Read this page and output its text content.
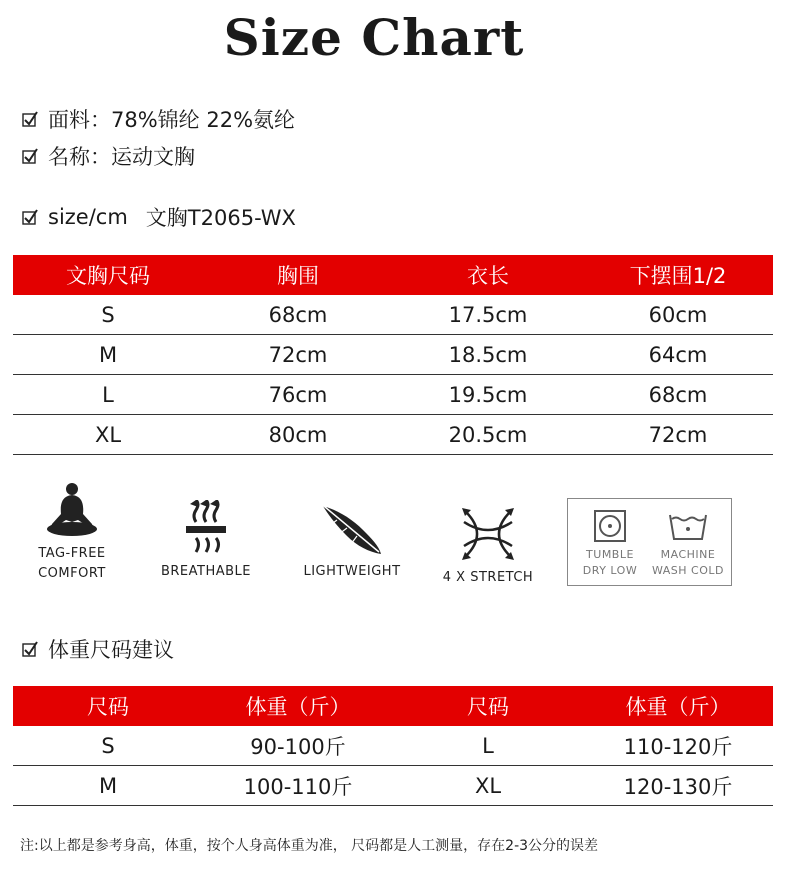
Size Chart
面料：78%锦纶 22%氨纶
名称：运动文胸
size/cm 文胸T2065-WX
文胸尺码	胸围	衣长	下摆围1/2
S	68cm	17.5cm	60cm
M	72cm	18.5cm	64cm
L	76cm	19.5cm	68cm
XL	80cm	20.5cm	72cm
TAG-FREE
COMFORT	BREATHABLE	LIGHTWEIGHT	4 X STRETCH
TUMBLE
DRY LOW
MACHINE
WASH COLD
体重尺码建议
尺码	体重（斤）	尺码	体重（斤）
S	90-100斤	L	110-120斤
M	100-110斤	XL	120-130斤
注:以上都是参考身高，体重，按个人身高体重为准， 尺码都是人工测量，存在2-3公分的误差
